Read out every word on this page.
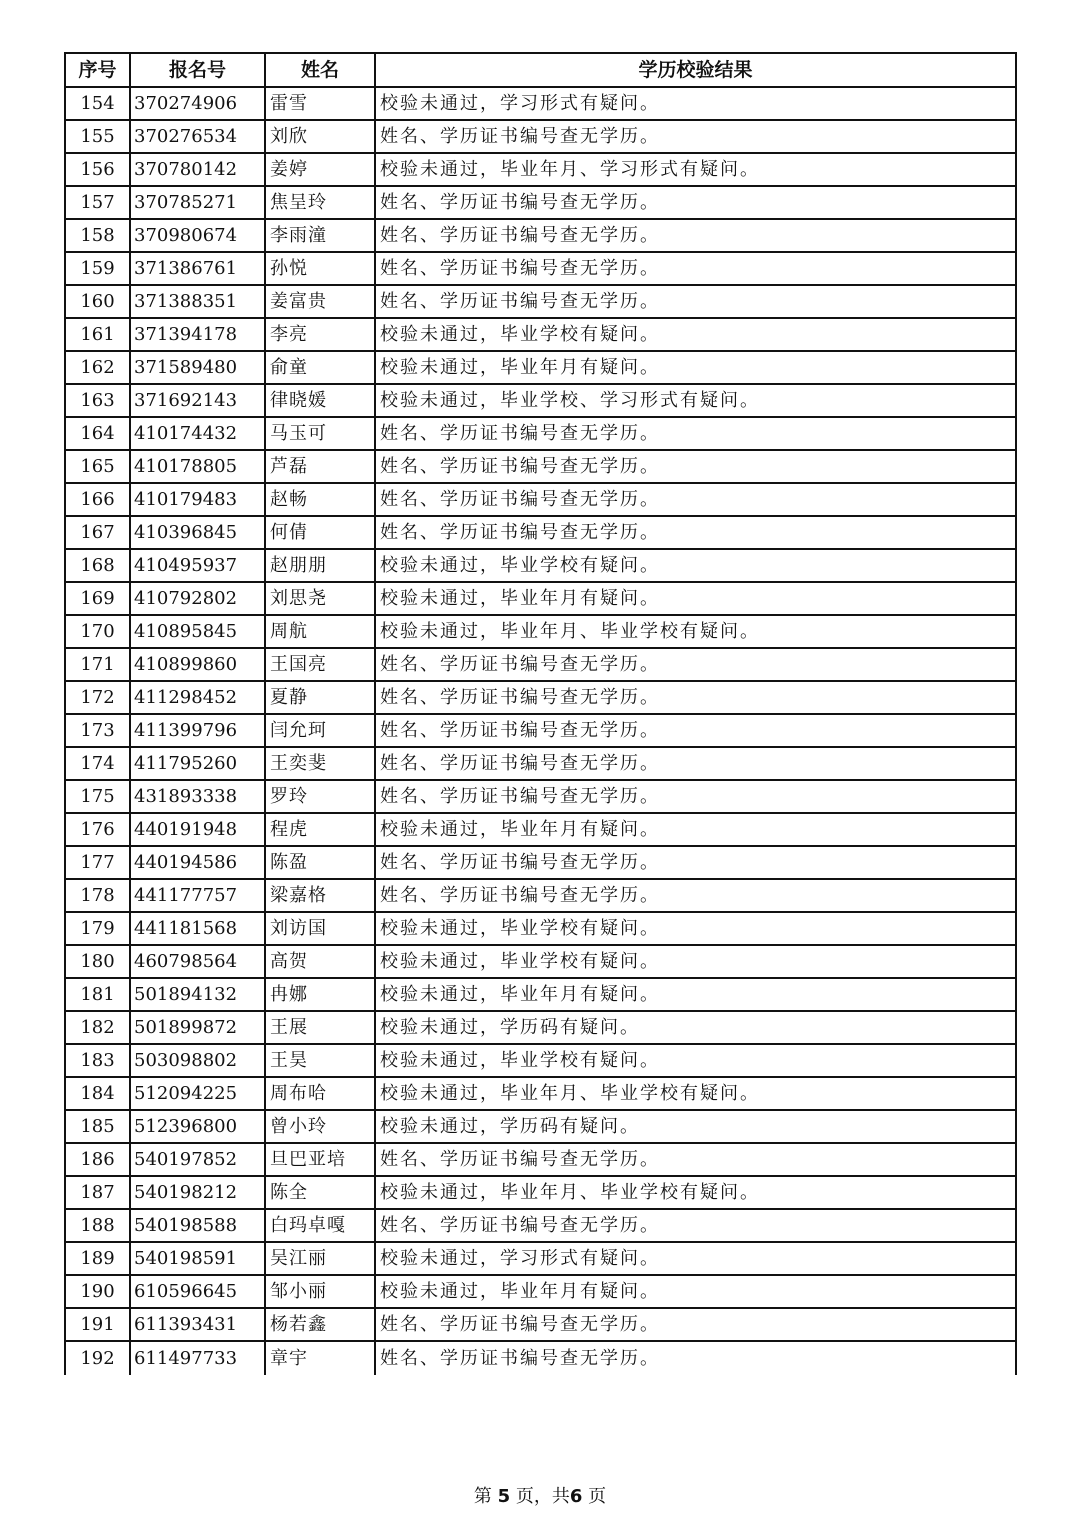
序号	报名号	姓名	学历校验结果
154	370274906	雷雪	校验未通过，学习形式有疑问。
155	370276534	刘欣	姓名、学历证书编号查无学历。
156	370780142	姜婷	校验未通过，毕业年月、学习形式有疑问。
157	370785271	焦呈玲	姓名、学历证书编号查无学历。
158	370980674	李雨潼	姓名、学历证书编号查无学历。
159	371386761	孙悦	姓名、学历证书编号查无学历。
160	371388351	姜富贵	姓名、学历证书编号查无学历。
161	371394178	李亮	校验未通过，毕业学校有疑问。
162	371589480	俞童	校验未通过，毕业年月有疑问。
163	371692143	律晓媛	校验未通过，毕业学校、学习形式有疑问。
164	410174432	马玉可	姓名、学历证书编号查无学历。
165	410178805	芦磊	姓名、学历证书编号查无学历。
166	410179483	赵畅	姓名、学历证书编号查无学历。
167	410396845	何倩	姓名、学历证书编号查无学历。
168	410495937	赵朋朋	校验未通过，毕业学校有疑问。
169	410792802	刘思尧	校验未通过，毕业年月有疑问。
170	410895845	周航	校验未通过，毕业年月、毕业学校有疑问。
171	410899860	王国亮	姓名、学历证书编号查无学历。
172	411298452	夏静	姓名、学历证书编号查无学历。
173	411399796	闫允珂	姓名、学历证书编号查无学历。
174	411795260	王奕斐	姓名、学历证书编号查无学历。
175	431893338	罗玲	姓名、学历证书编号查无学历。
176	440191948	程虎	校验未通过，毕业年月有疑问。
177	440194586	陈盈	姓名、学历证书编号查无学历。
178	441177757	梁嘉格	姓名、学历证书编号查无学历。
179	441181568	刘访国	校验未通过，毕业学校有疑问。
180	460798564	高贺	校验未通过，毕业学校有疑问。
181	501894132	冉娜	校验未通过，毕业年月有疑问。
182	501899872	王展	校验未通过，学历码有疑问。
183	503098802	王昊	校验未通过，毕业学校有疑问。
184	512094225	周布哈	校验未通过，毕业年月、毕业学校有疑问。
185	512396800	曾小玲	校验未通过，学历码有疑问。
186	540197852	旦巴亚培	姓名、学历证书编号查无学历。
187	540198212	陈全	校验未通过，毕业年月、毕业学校有疑问。
188	540198588	白玛卓嘎	姓名、学历证书编号查无学历。
189	540198591	吴江丽	校验未通过，学习形式有疑问。
190	610596645	邹小丽	校验未通过，毕业年月有疑问。
191	611393431	杨若鑫	姓名、学历证书编号查无学历。
192	611497733	章宇	姓名、学历证书编号查无学历。
第 5 页，共6 页
